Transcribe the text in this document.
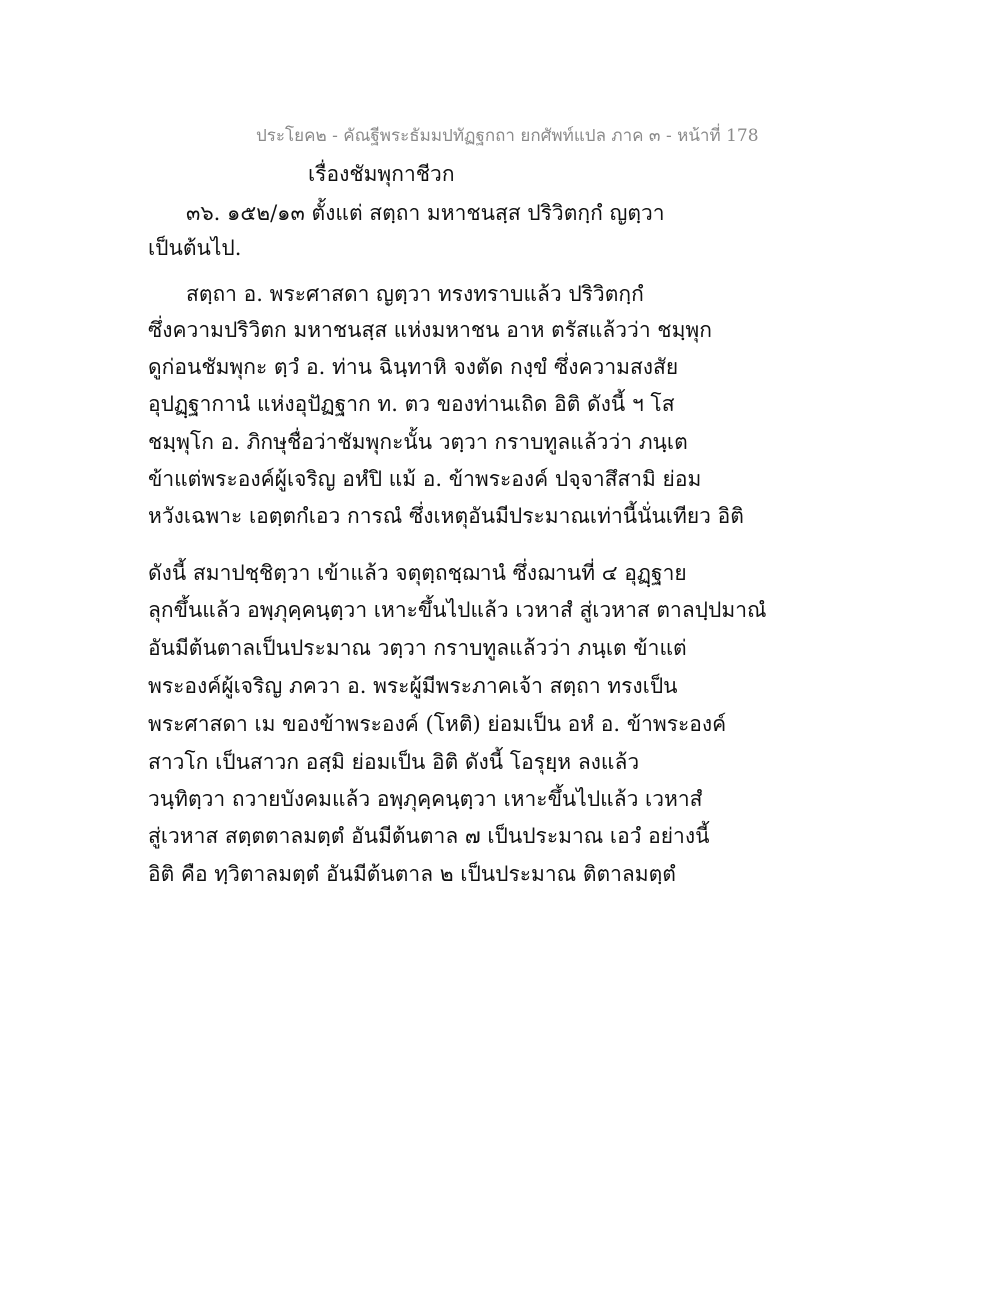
ประโยค๒ - คัณฐีพระธัมมปทัฏฐกถา ยกศัพท์แปล ภาค ๓ - หน้าที่ 178
เรื่องชัมพุกาชีวก
๓๖. ๑๕๒/๑๓ ตั้งแต่ สตฺถา มหาชนสฺส ปริวิตกฺกํ ญตฺวา
เป็นต้นไป.
สตฺถา อ. พระศาสดา ญตฺวา ทรงทราบแล้ว ปริวิตกฺกํ
ซึ่งความปริวิตก มหาชนสฺส แห่งมหาชน อาห ตรัสแล้วว่า ชมฺพุก
ดูก่อนชัมพุกะ ตฺวํ อ. ท่าน ฉินฺทาหิ จงตัด กงฺขํ ซึ่งความสงสัย
อุปฏฺฐากานํ แห่งอุปัฏฐาก ท. ตว ของท่านเถิด อิติ ดังนี้ ฯ โส
ชมฺพุโก อ. ภิกษุชื่อว่าชัมพุกะนั้น วตฺวา กราบทูลแล้วว่า ภนฺเต
ข้าแต่พระองค์ผู้เจริญ อหํปิ แม้ อ. ข้าพระองค์ ปจฺจาสึสามิ ย่อม
หวังเฉพาะ เอตฺตกํเอว การณํ ซึ่งเหตุอันมีประมาณเท่านี้นั่นเทียว อิติ
ดังนี้ สมาปชฺชิตฺวา เข้าแล้ว จตุตฺถชฺฌานํ ซึ่งฌานที่ ๔ อุฏฺฐาย
ลุกขึ้นแล้ว อพฺภุคฺคนฺตฺวา เหาะขึ้นไปแล้ว เวหาสํ สู่เวหาส ตาลปฺปมาณํ
อันมีต้นตาลเป็นประมาณ วตฺวา กราบทูลแล้วว่า ภนฺเต ข้าแต่
พระองค์ผู้เจริญ ภควา อ. พระผู้มีพระภาคเจ้า สตฺถา ทรงเป็น
พระศาสดา เม ของข้าพระองค์ (โหติ) ย่อมเป็น อหํ อ. ข้าพระองค์
สาวโก เป็นสาวก อสฺมิ ย่อมเป็น อิติ ดังนี้ โอรุยฺห ลงแล้ว
วนฺทิตฺวา ถวายบังคมแล้ว อพฺภุคฺคนฺตฺวา เหาะขึ้นไปแล้ว เวหาสํ
สู่เวหาส สตฺตตาลมตฺตํ อันมีต้นตาล ๗ เป็นประมาณ เอวํ อย่างนี้
อิติ คือ ทฺวิตาลมตฺตํ อันมีต้นตาล ๒ เป็นประมาณ ติตาลมตฺตํ
